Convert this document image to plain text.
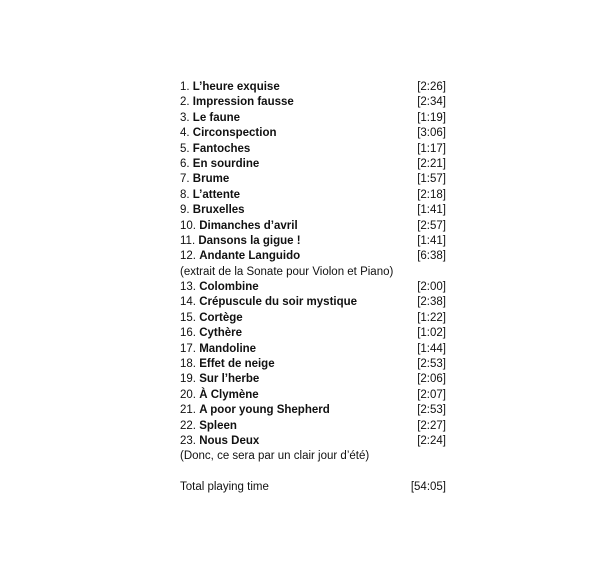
1. L’heure exquise	[2:26]
2. Impression fausse	[2:34]
3. Le faune	[1:19]
4. Circonspection	[3:06]
5. Fantoches	[1:17]
6. En sourdine	[2:21]
7. Brume	[1:57]
8. L’attente	[2:18]
9. Bruxelles	[1:41]
10. Dimanches d’avril	[2:57]
11. Dansons la gigue !	[1:41]
12. Andante Languido	[6:38]
(extrait de la Sonate pour Violon et Piano)
13. Colombine	[2:00]
14. Crépuscule du soir mystique	[2:38]
15. Cortège	[1:22]
16. Cythère	[1:02]
17. Mandoline	[1:44]
18. Effet de neige	[2:53]
19. Sur l’herbe	[2:06]
20. À Clymène	[2:07]
21. A poor young Shepherd	[2:53]
22. Spleen	[2:27]
23. Nous Deux	[2:24]
(Donc, ce sera par un clair jour d’été)
Total playing time	[54:05]
